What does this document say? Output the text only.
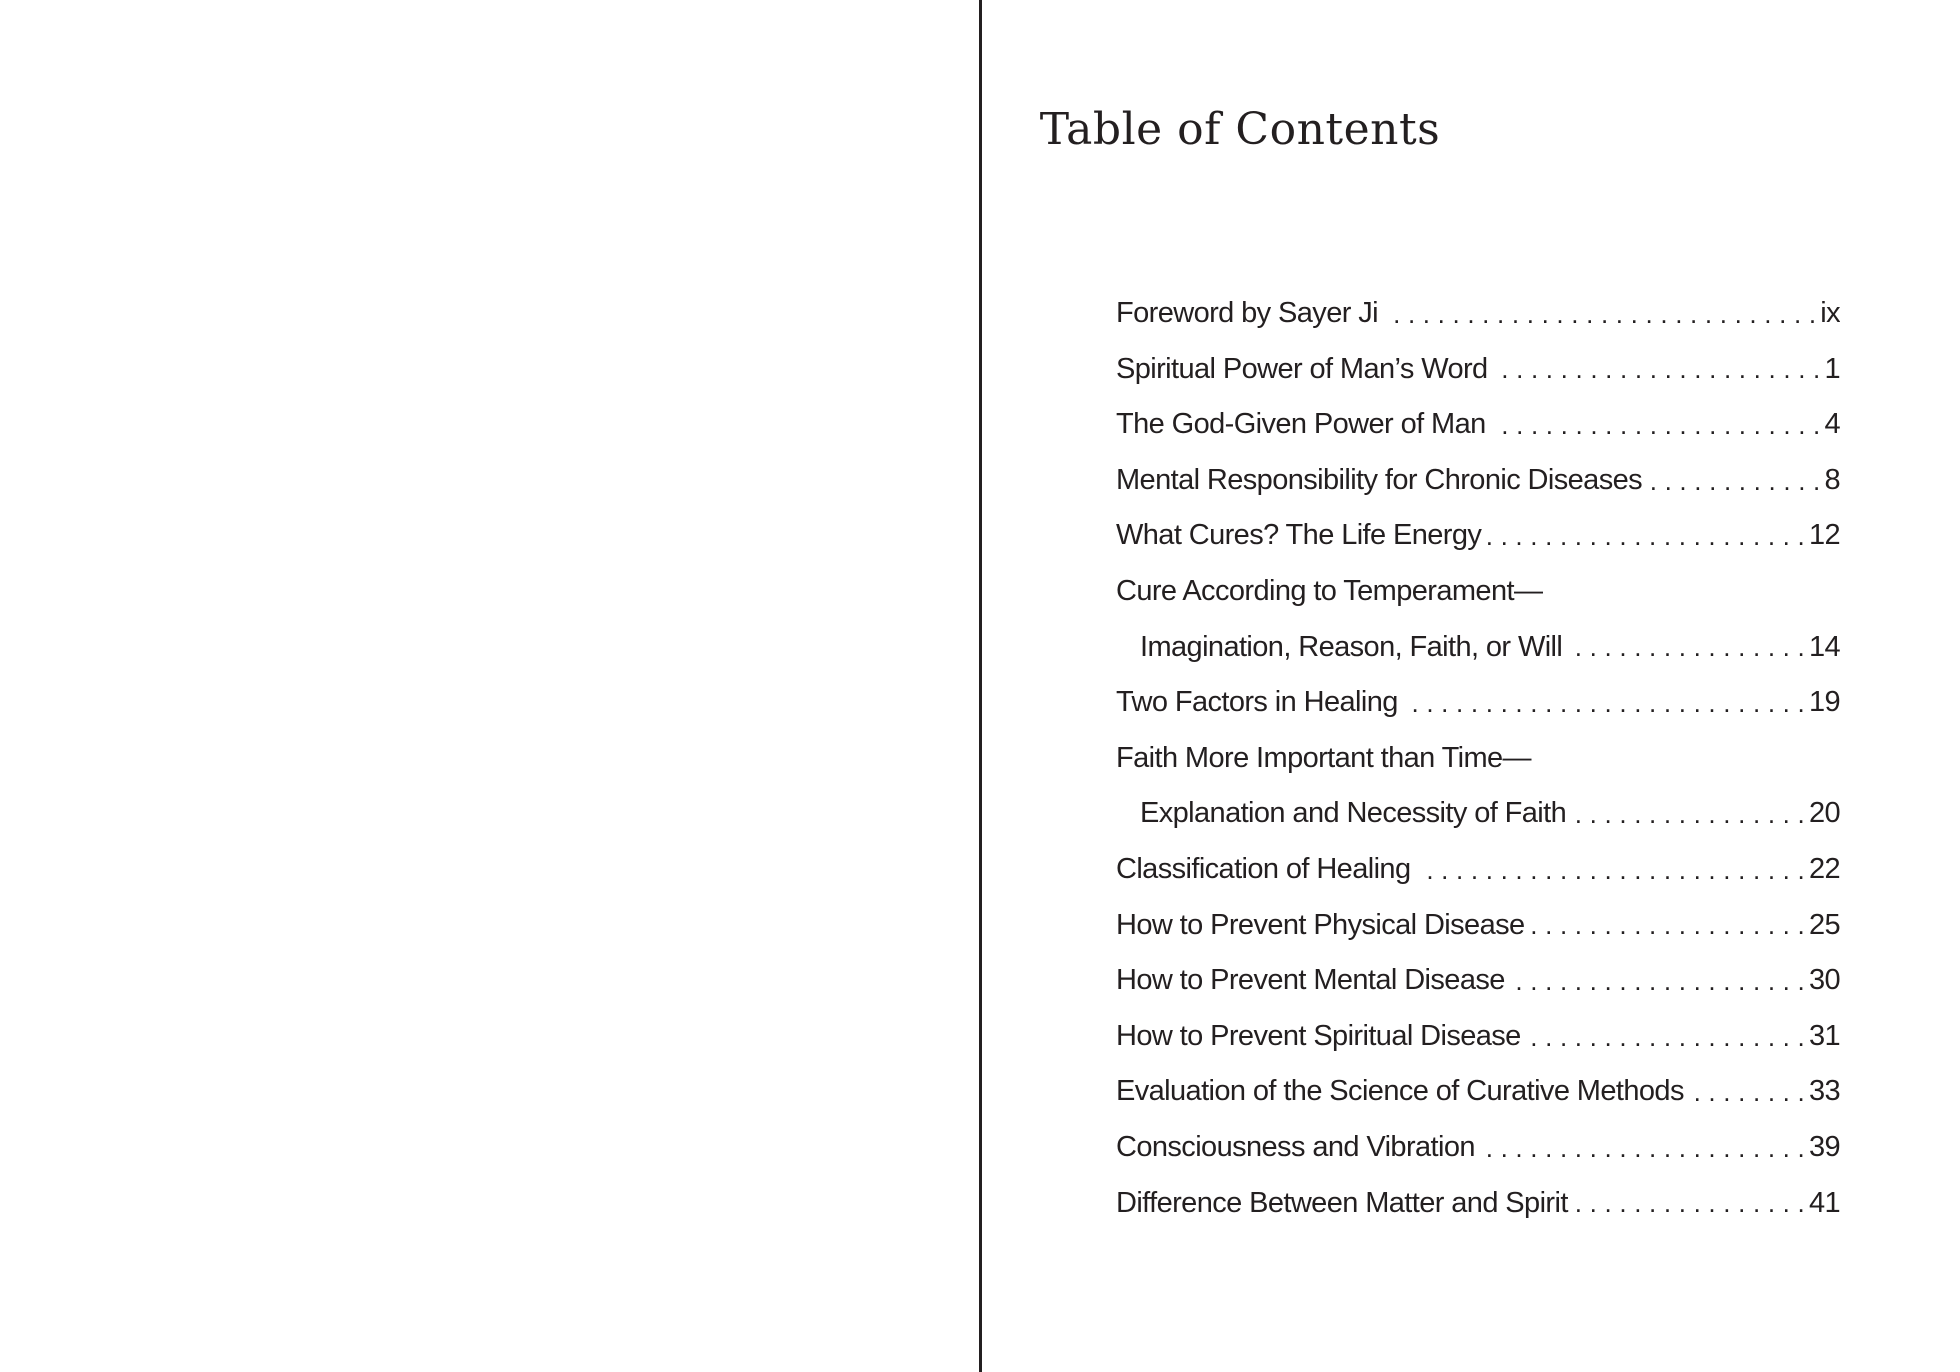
Table of Contents
Foreword by Sayer Ji . . .	ix
Spiritual Power of Man’s Word . . .	1
The God-Given Power of Man . . .	4
Mental Responsibility for Chronic Diseases . . .	8
What Cures? The Life Energy . . .	12
Cure According to Temperament—
Imagination, Reason, Faith, or Will . . .	14
Two Factors in Healing . . .	19
Faith More Important than Time—
Explanation and Necessity of Faith . . .	20
Classification of Healing . . .	22
How to Prevent Physical Disease . . .	25
How to Prevent Mental Disease . . .	30
How to Prevent Spiritual Disease . . .	31
Evaluation of the Science of Curative Methods . . .	33
Consciousness and Vibration . . .	39
Difference Between Matter and Spirit . . .	41
